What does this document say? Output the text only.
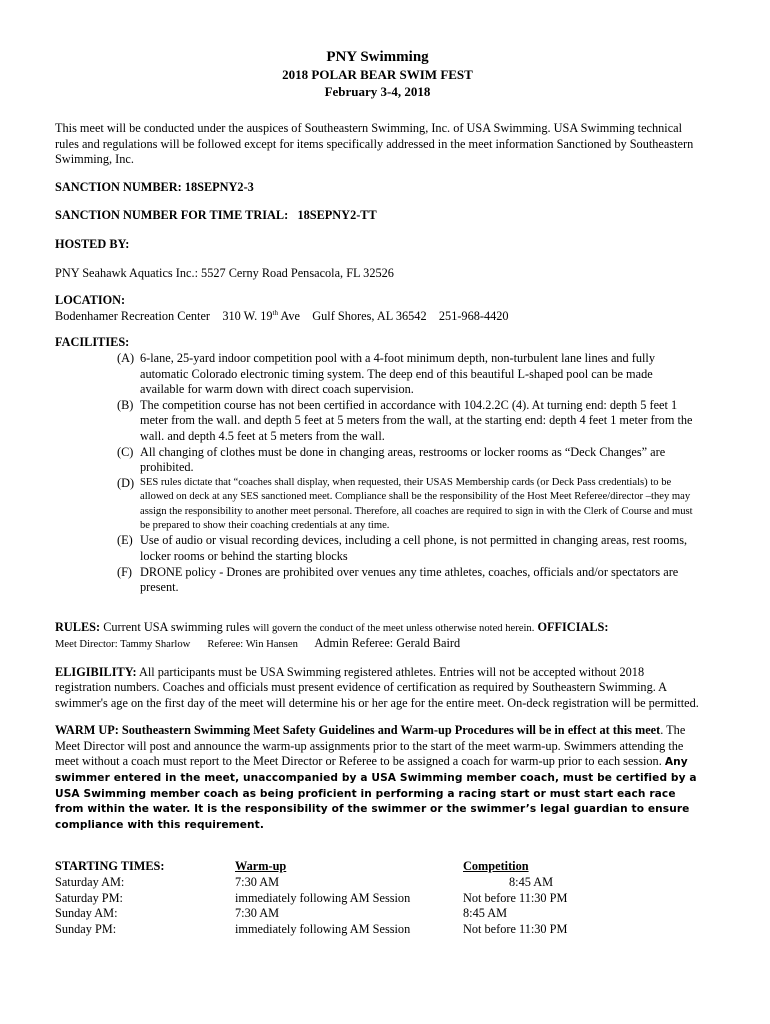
PNY Swimming
2018 POLAR BEAR SWIM FEST
February 3-4, 2018

This meet will be conducted under the auspices of Southeastern Swimming, Inc. of USA Swimming. USA Swimming technical rules and regulations will be followed except for items specifically addressed in the meet information Sanctioned by Southeastern Swimming, Inc.

SANCTION NUMBER: 18SEPNY2-3

SANCTION NUMBER FOR TIME TRIAL: 18SEPNY2-TT

HOSTED BY:

PNY Seahawk Aquatics Inc.: 5527 Cerny Road Pensacola, FL 32526

LOCATION:

Bodenhamer Recreation Center 310 W. 19th Ave Gulf Shores, AL 36542 251-968-4420

FACILITIES:

(A) 6-lane, 25-yard indoor competition pool with a 4-foot minimum depth, non-turbulent lane lines and fully automatic Colorado electronic timing system. The deep end of this beautiful L-shaped pool can be made available for warm down with direct coach supervision.
(B) The competition course has not been certified in accordance with 104.2.2C (4). At turning end: depth 5 feet 1 meter from the wall. and depth 5 feet at 5 meters from the wall, at the starting end: depth 4 feet 1 meter from the wall. and depth 4.5 feet at 5 meters from the wall.
(C) All changing of clothes must be done in changing areas, restrooms or locker rooms as “Deck Changes” are prohibited.
(D) SES rules dictate that “coaches shall display, when requested, their USAS Membership cards (or Deck Pass credentials) to be allowed on deck at any SES sanctioned meet. Compliance shall be the responsibility of the Host Meet Referee/director –they may assign the responsibility to another meet personal. Therefore, all coaches are required to sign in with the Clerk of Course and must be prepared to show their coaching credentials at any time.
(E) Use of audio or visual recording devices, including a cell phone, is not permitted in changing areas, rest rooms, locker rooms or behind the starting blocks
(F) DRONE policy - Drones are prohibited over venues any time athletes, coaches, officials and/or spectators are present.

RULES: Current USA swimming rules will govern the conduct of the meet unless otherwise noted herein. OFFICIALS:

Meet Director: Tammy Sharlow Referee: Win Hansen Admin Referee: Gerald Baird

ELIGIBILITY: All participants must be USA Swimming registered athletes. Entries will not be accepted without 2018 registration numbers. Coaches and officials must present evidence of certification as required by Southeastern Swimming. A swimmer's age on the first day of the meet will determine his or her age for the entire meet. On-deck registration will be permitted.

WARM UP: Southeastern Swimming Meet Safety Guidelines and Warm-up Procedures will be in effect at this meet. The Meet Director will post and announce the warm-up assignments prior to the start of the meet warm-up. Swimmers attending the meet without a coach must report to the Meet Director or Referee to be assigned a coach for warm-up prior to each session. Any swimmer entered in the meet, unaccompanied by a USA Swimming member coach, must be certified by a USA Swimming member coach as being proficient in performing a racing start or must start each race from within the water. It is the responsibility of the swimmer or the swimmer’s legal guardian to ensure compliance with this requirement.

STARTING TIMES:	Warm-up	Competition
Saturday AM:	7:30 AM	8:45 AM
Saturday PM:	immediately following AM Session	Not before 11:30 PM
Sunday AM:	7:30 AM	8:45 AM
Sunday PM:	immediately following AM Session	Not before 11:30 PM
